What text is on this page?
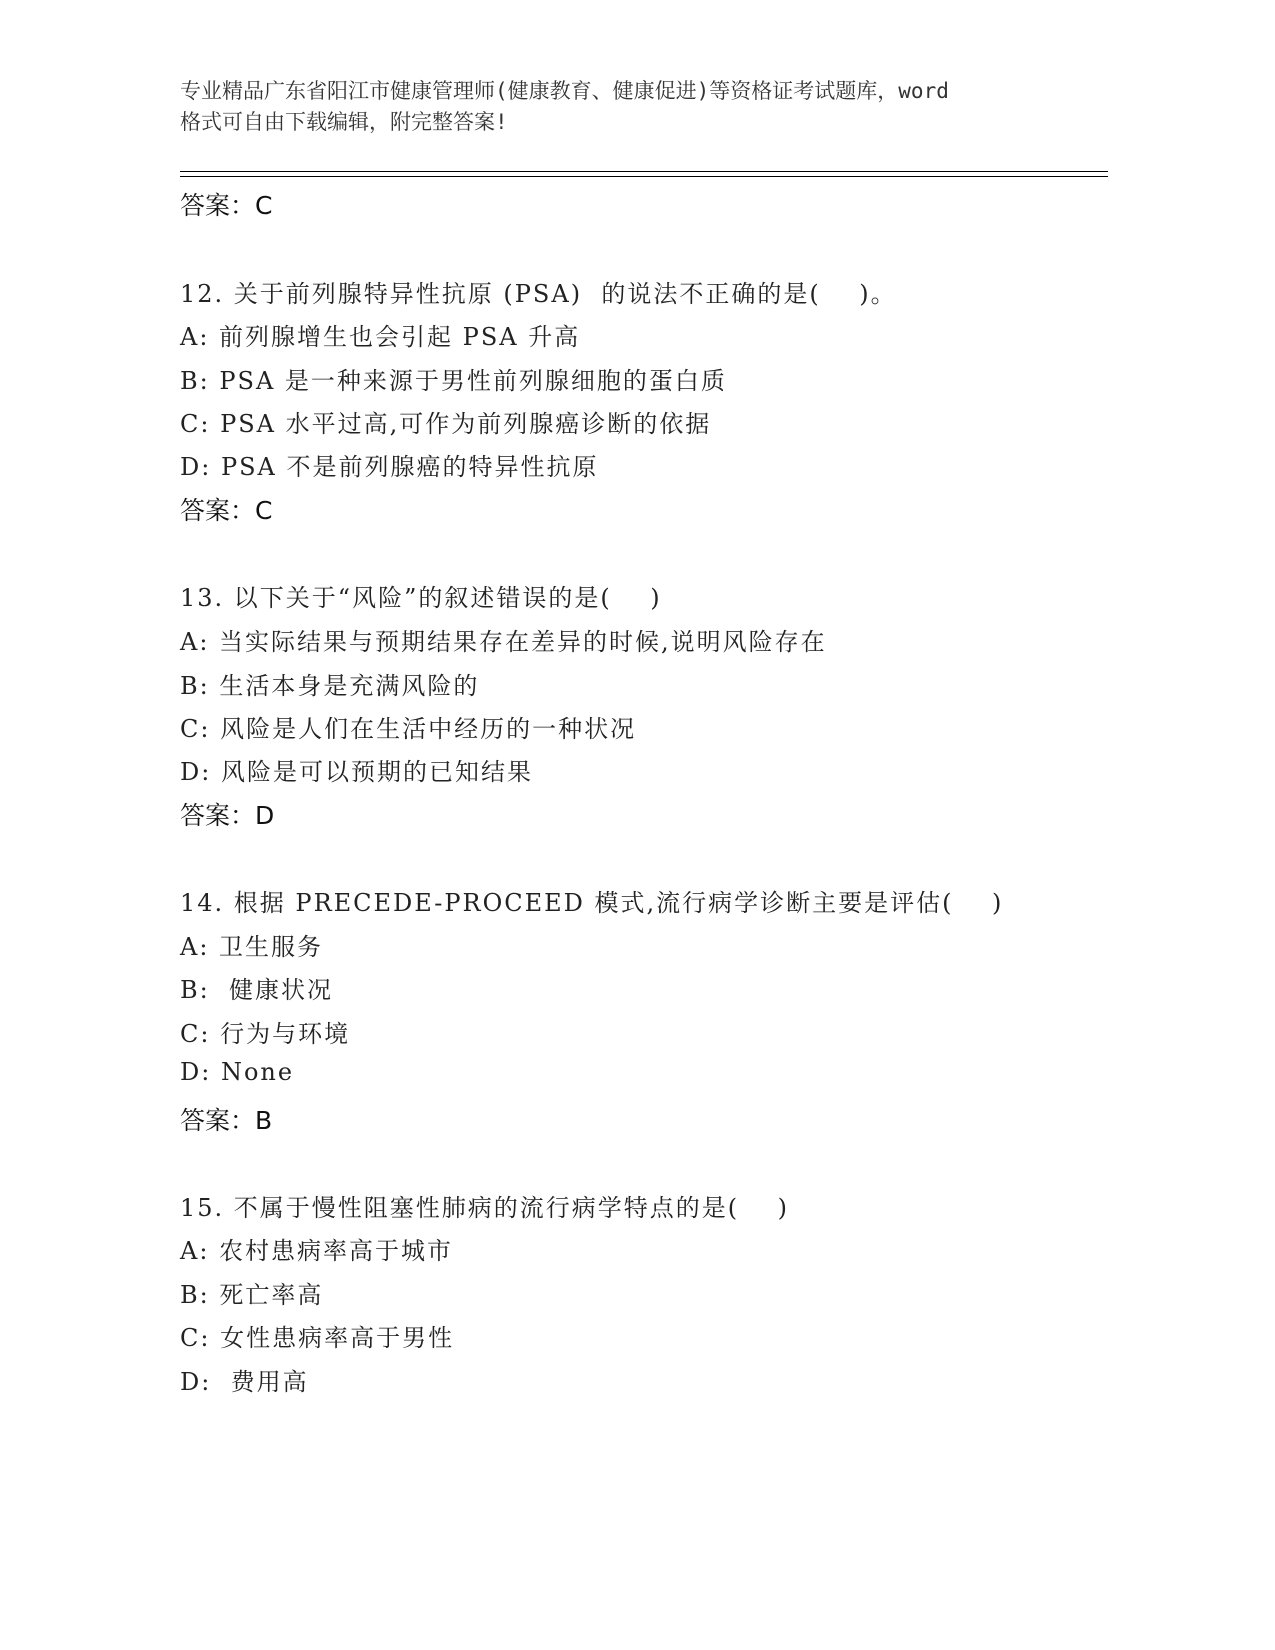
专业精品广东省阳江市健康管理师(健康教育、健康促进)等资格证考试题库，word
格式可自由下载编辑，附完整答案!
答案：C
12. 关于前列腺特异性抗原 (PSA)  的说法不正确的是(    )。
A: 前列腺增生也会引起 PSA 升高
B: PSA 是一种来源于男性前列腺细胞的蛋白质
C: PSA 水平过高,可作为前列腺癌诊断的依据
D: PSA 不是前列腺癌的特异性抗原
答案：C
13. 以下关于“风险”的叙述错误的是(    )
A: 当实际结果与预期结果存在差异的时候,说明风险存在
B: 生活本身是充满风险的
C: 风险是人们在生活中经历的一种状况
D: 风险是可以预期的已知结果
答案：D
14. 根据 PRECEDE-PROCEED 模式,流行病学诊断主要是评估(    )
A: 卫生服务
B:  健康状况
C: 行为与环境
D: None
答案：B
15. 不属于慢性阻塞性肺病的流行病学特点的是(    )
A: 农村患病率高于城市
B: 死亡率高
C: 女性患病率高于男性
D:  费用高
